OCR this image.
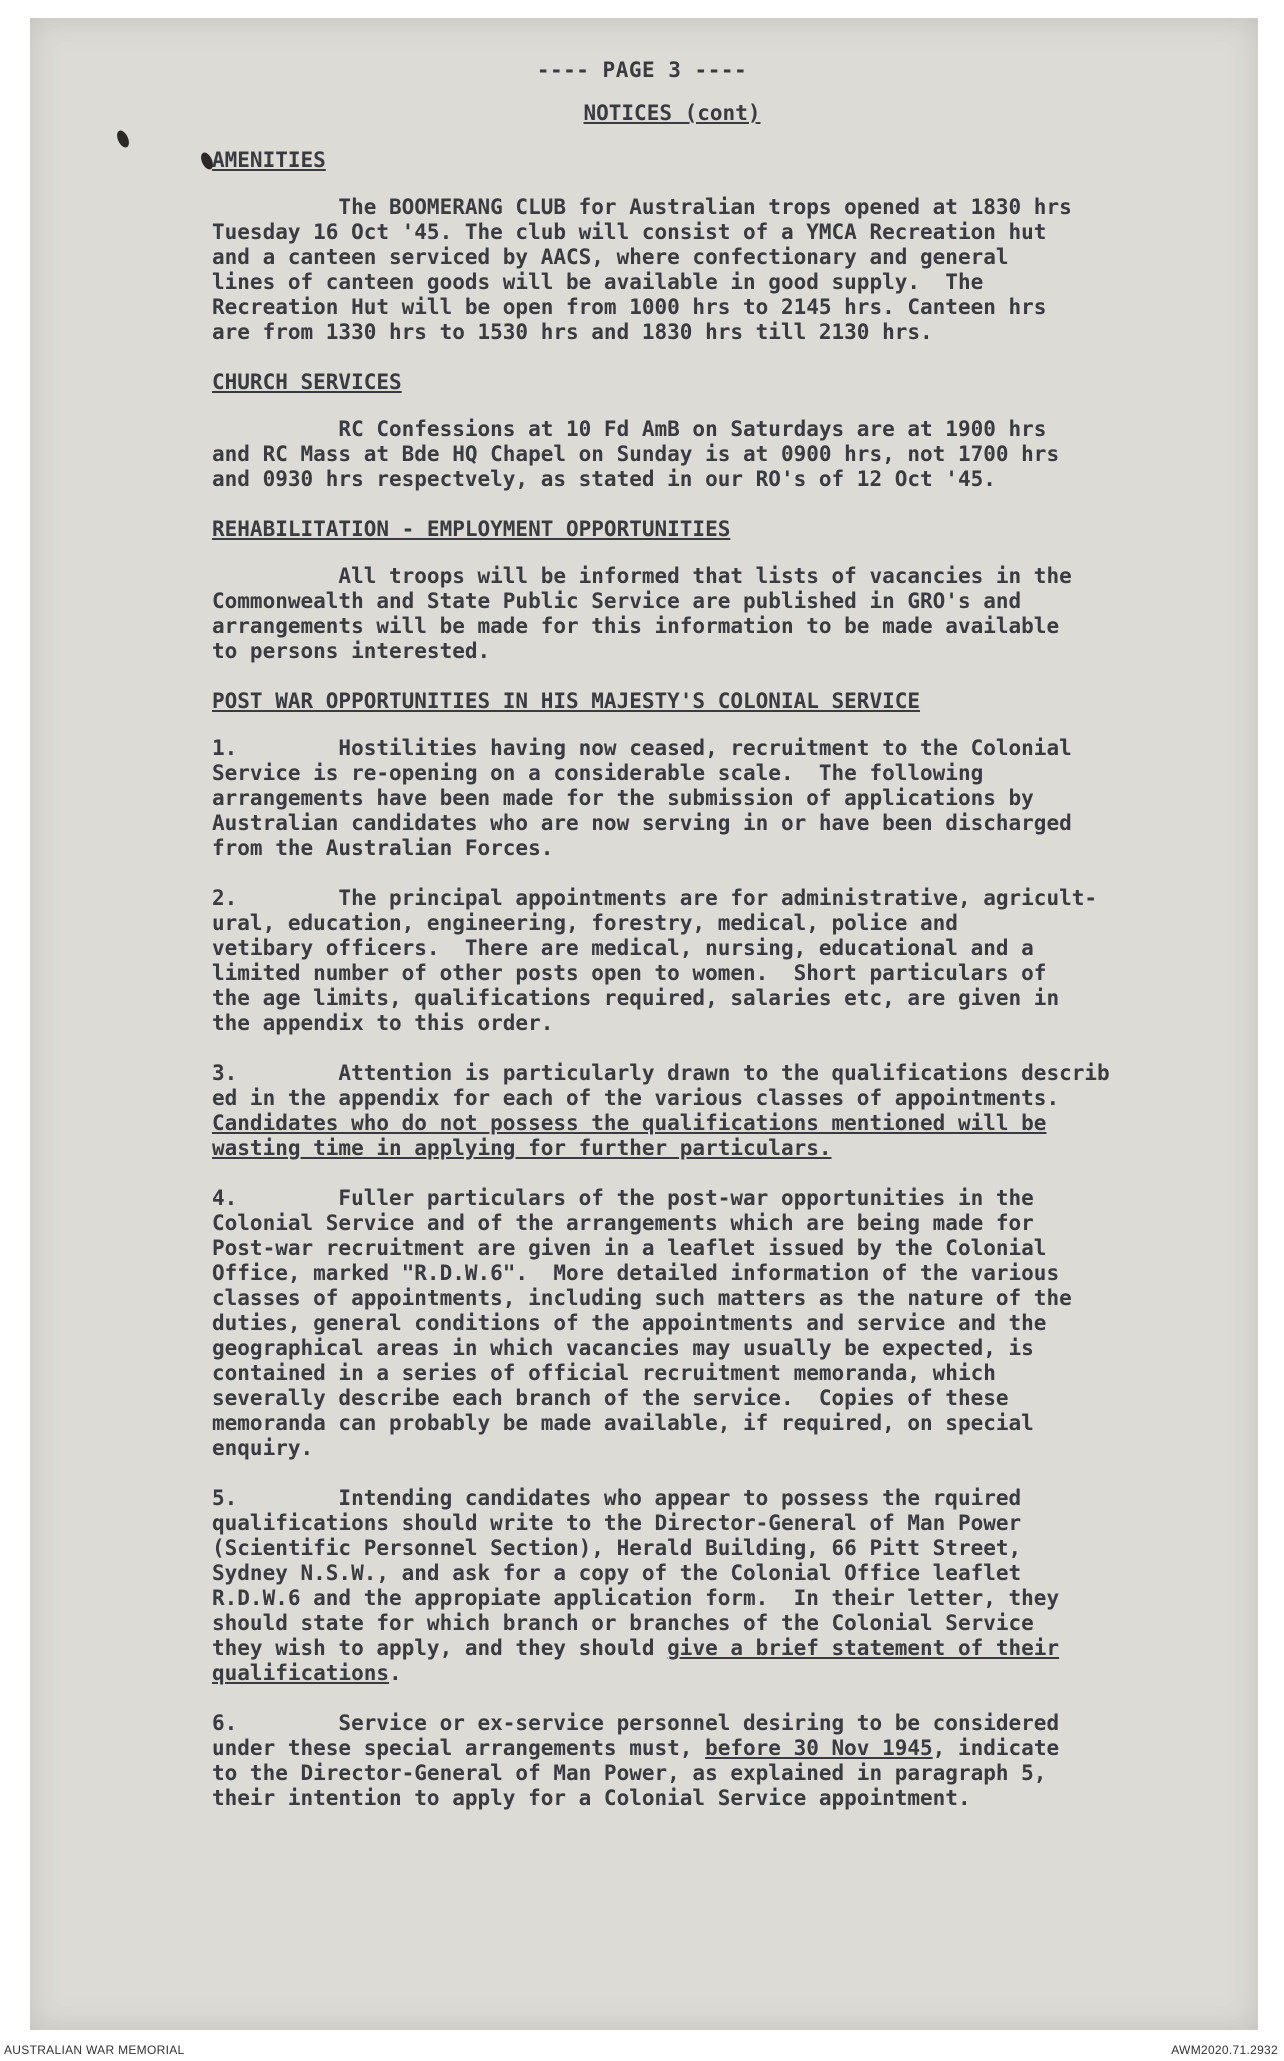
---- PAGE 3 ----
NOTICES (cont)
AMENITIES
The BOOMERANG CLUB for Australian trops opened at 1830 hrs
Tuesday 16 Oct '45. The club will consist of a YMCA Recreation hut
and a canteen serviced by AACS, where confectionary and general
lines of canteen goods will be available in good supply.  The
Recreation Hut will be open from 1000 hrs to 2145 hrs. Canteen hrs
are from 1330 hrs to 1530 hrs and 1830 hrs till 2130 hrs.
CHURCH SERVICES
RC Confessions at 10 Fd AmB on Saturdays are at 1900 hrs
and RC Mass at Bde HQ Chapel on Sunday is at 0900 hrs, not 1700 hrs
and 0930 hrs respectvely, as stated in our RO's of 12 Oct '45.
REHABILITATION - EMPLOYMENT OPPORTUNITIES
All troops will be informed that lists of vacancies in the
Commonwealth and State Public Service are published in GRO's and
arrangements will be made for this information to be made available
to persons interested.
POST WAR OPPORTUNITIES IN HIS MAJESTY'S COLONIAL SERVICE
1.        Hostilities having now ceased, recruitment to the Colonial
Service is re-opening on a considerable scale.  The following
arrangements have been made for the submission of applications by
Australian candidates who are now serving in or have been discharged
from the Australian Forces.
2.        The principal appointments are for administrative, agricult-
ural, education, engineering, forestry, medical, police and
vetibary officers.  There are medical, nursing, educational and a
limited number of other posts open to women.  Short particulars of
the age limits, qualifications required, salaries etc, are given in
the appendix to this order.
3.        Attention is particularly drawn to the qualifications describ
ed in the appendix for each of the various classes of appointments.
Candidates who do not possess the qualifications mentioned will be
wasting time in applying for further particulars.
4.        Fuller particulars of the post-war opportunities in the
Colonial Service and of the arrangements which are being made for
Post-war recruitment are given in a leaflet issued by the Colonial
Office, marked "R.D.W.6".  More detailed information of the various
classes of appointments, including such matters as the nature of the
duties, general conditions of the appointments and service and the
geographical areas in which vacancies may usually be expected, is
contained in a series of official recruitment memoranda, which
severally describe each branch of the service.  Copies of these
memoranda can probably be made available, if required, on special
enquiry.
5.        Intending candidates who appear to possess the rquired
qualifications should write to the Director-General of Man Power
(Scientific Personnel Section), Herald Building, 66 Pitt Street,
Sydney N.S.W., and ask for a copy of the Colonial Office leaflet
R.D.W.6 and the appropiate application form.  In their letter, they
should state for which branch or branches of the Colonial Service
they wish to apply, and they should give a brief statement of their
qualifications.
6.        Service or ex-service personnel desiring to be considered
under these special arrangements must, before 30 Nov 1945, indicate
to the Director-General of Man Power, as explained in paragraph 5,
their intention to apply for a Colonial Service appointment.
AUSTRALIAN WAR MEMORIAL	AWM2020.71.2932
